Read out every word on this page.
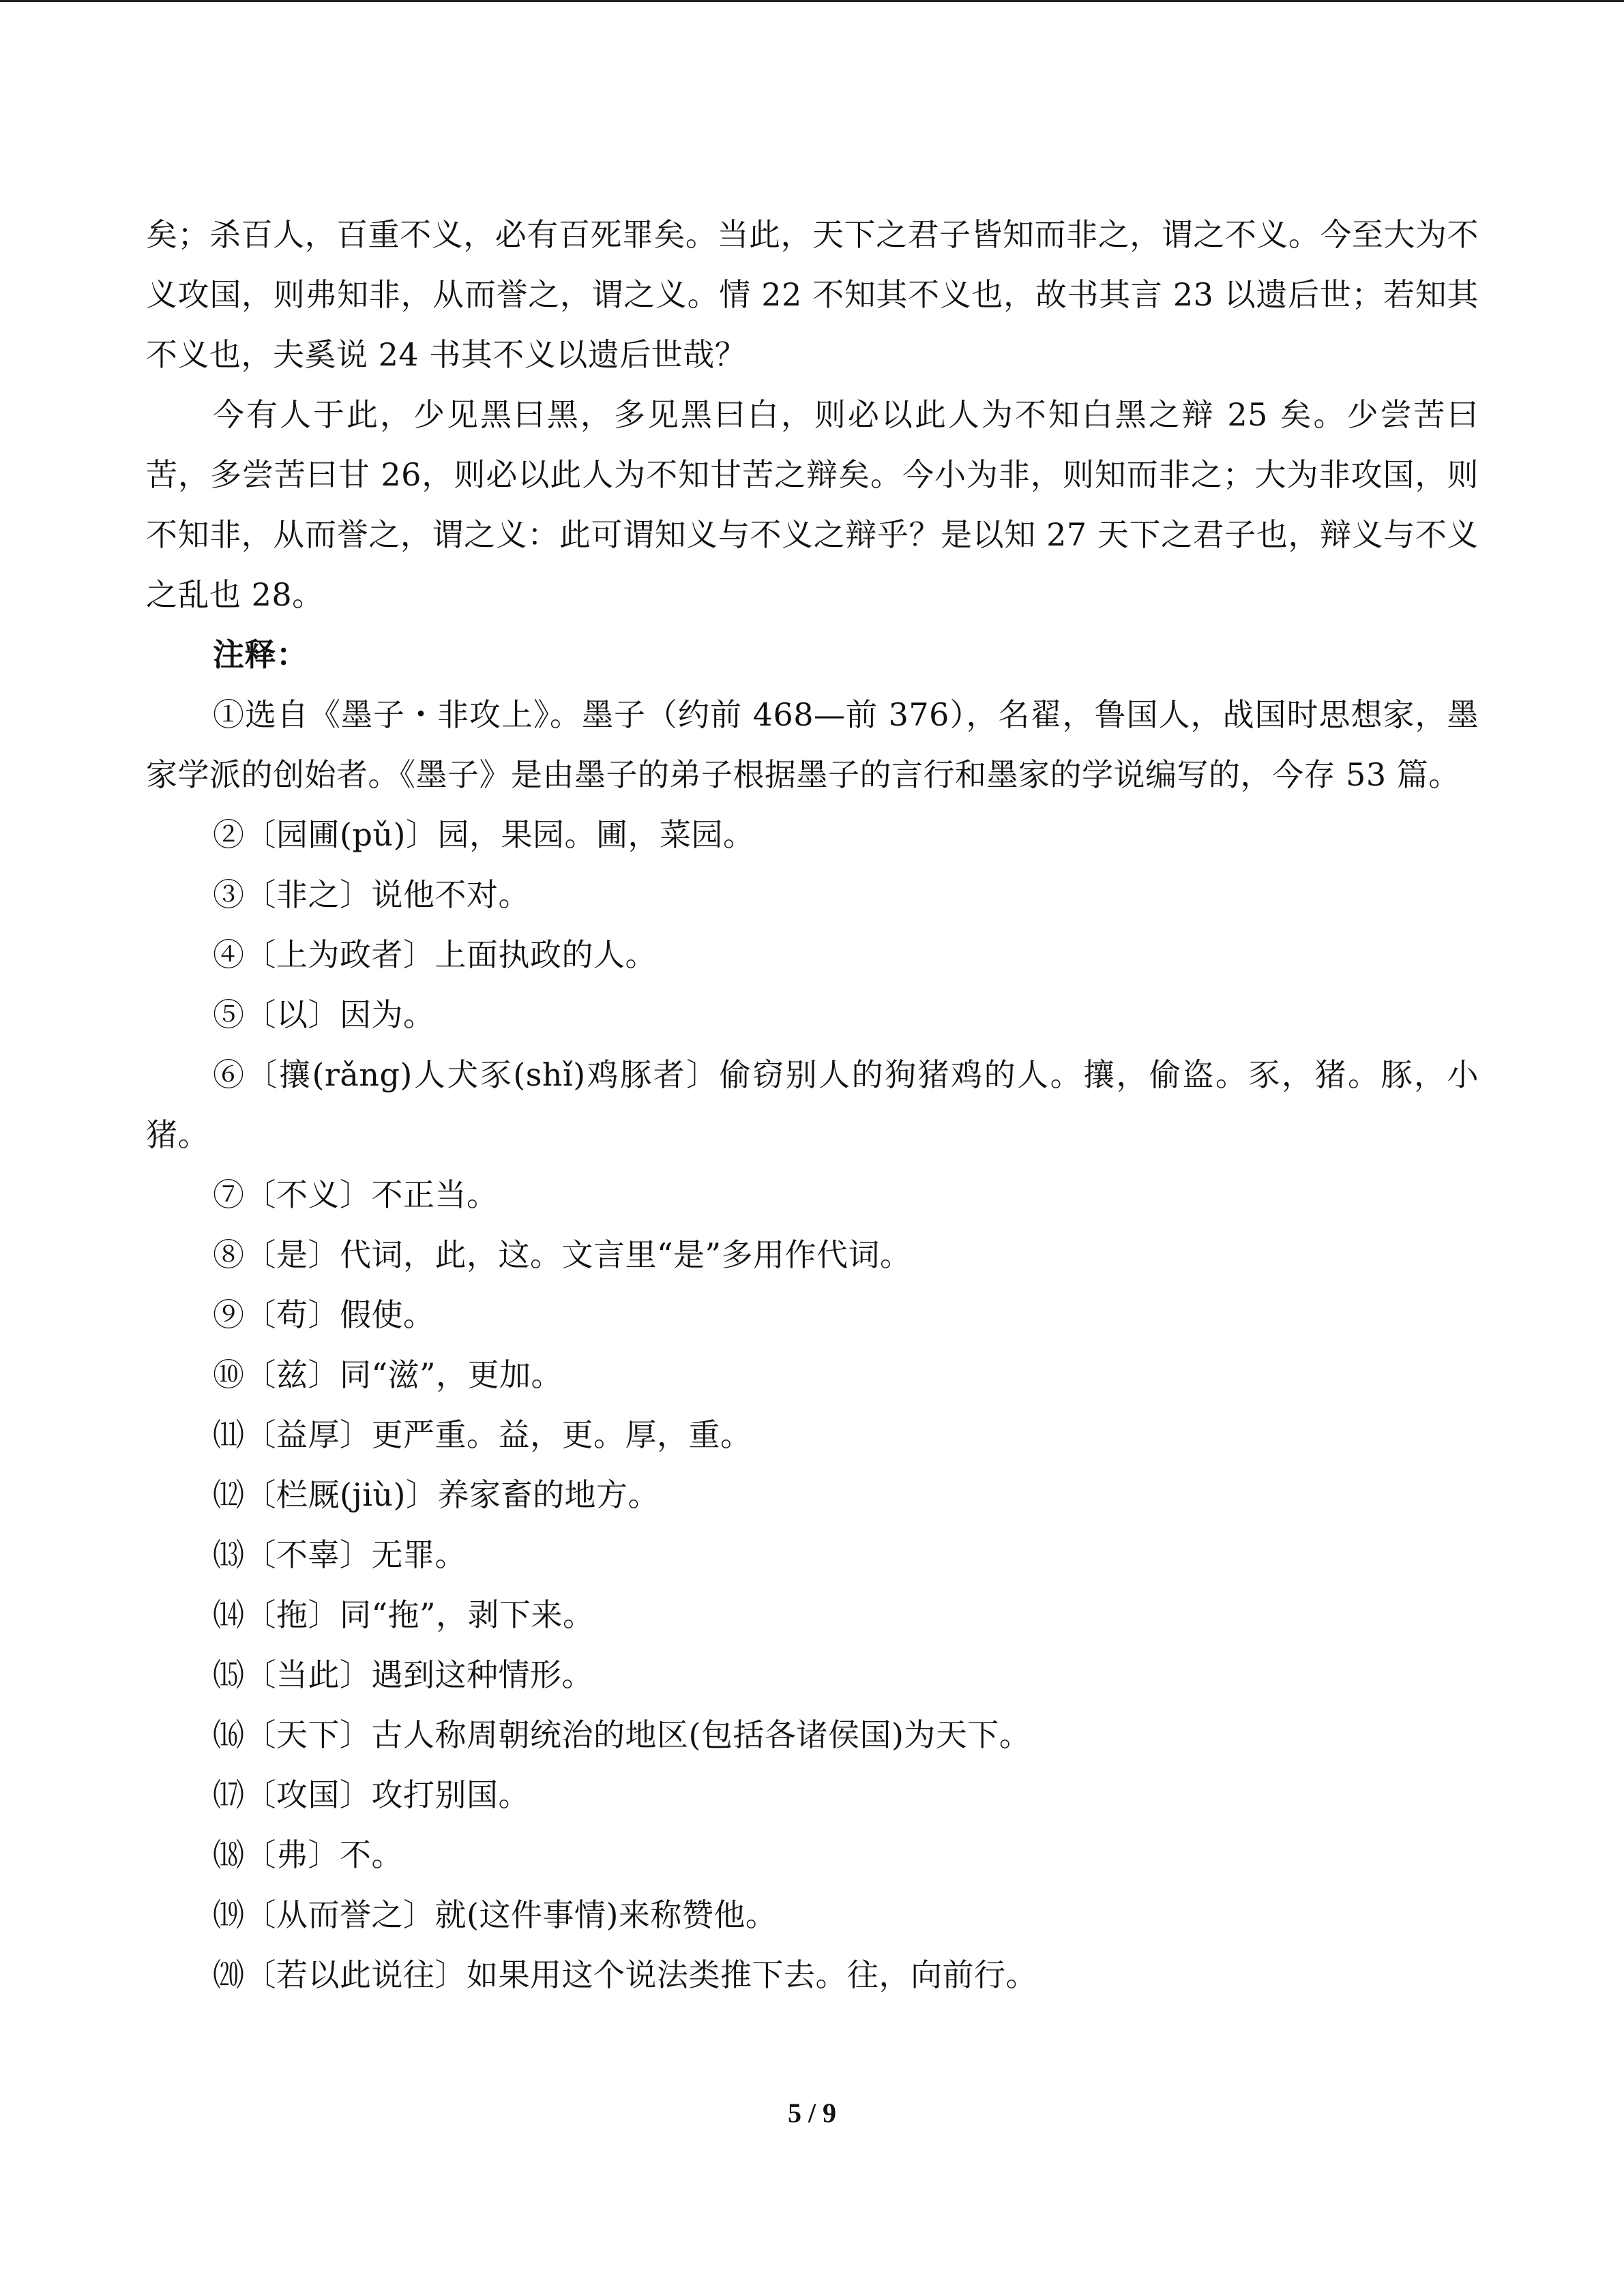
矣；杀百人，百重不义，必有百死罪矣。当此，天下之君子皆知而非之，谓之不义。今至大为不义攻国，则弗知非，从而誉之，谓之义。情 22 不知其不义也，故书其言 23 以遗后世；若知其不义也，夫奚说 24 书其不义以遗后世哉？

今有人于此，少见黑曰黑，多见黑曰白，则必以此人为不知白黑之辩 25 矣。少尝苦曰苦，多尝苦曰甘 26，则必以此人为不知甘苦之辩矣。今小为非，则知而非之；大为非攻国，则不知非，从而誉之，谓之义：此可谓知义与不义之辩乎？是以知 27 天下之君子也，辩义与不义之乱也 28。

注释：

①选自《墨子・非攻上》。墨子（约前 468—前 376），名翟，鲁国人，战国时思想家，墨家学派的创始者。《墨子》是由墨子的弟子根据墨子的言行和墨家的学说编写的，今存 53 篇。

②〔园圃(pǔ)〕园，果园。圃，菜园。

③〔非之〕说他不对。

④〔上为政者〕上面执政的人。

⑤〔以〕因为。

⑥〔攘(rǎng)人犬豕(shǐ)鸡豚者〕偷窃别人的狗猪鸡的人。攘，偷盗。豕，猪。豚，小猪。

⑦〔不义〕不正当。

⑧〔是〕代词，此，这。文言里“是”多用作代词。

⑨〔苟〕假使。

⑩〔兹〕同“滋”，更加。

⑾〔益厚〕更严重。益，更。厚，重。

⑿〔栏厩(jiù)〕养家畜的地方。

⒀〔不辜〕无罪。

⒁〔拖〕同“拖”，剥下来。

⒂〔当此〕遇到这种情形。

⒃〔天下〕古人称周朝统治的地区(包括各诸侯国)为天下。

⒄〔攻国〕攻打别国。

⒅〔弗〕不。

⒆〔从而誉之〕就(这件事情)来称赞他。

⒇〔若以此说往〕如果用这个说法类推下去。往，向前行。

5 / 9
